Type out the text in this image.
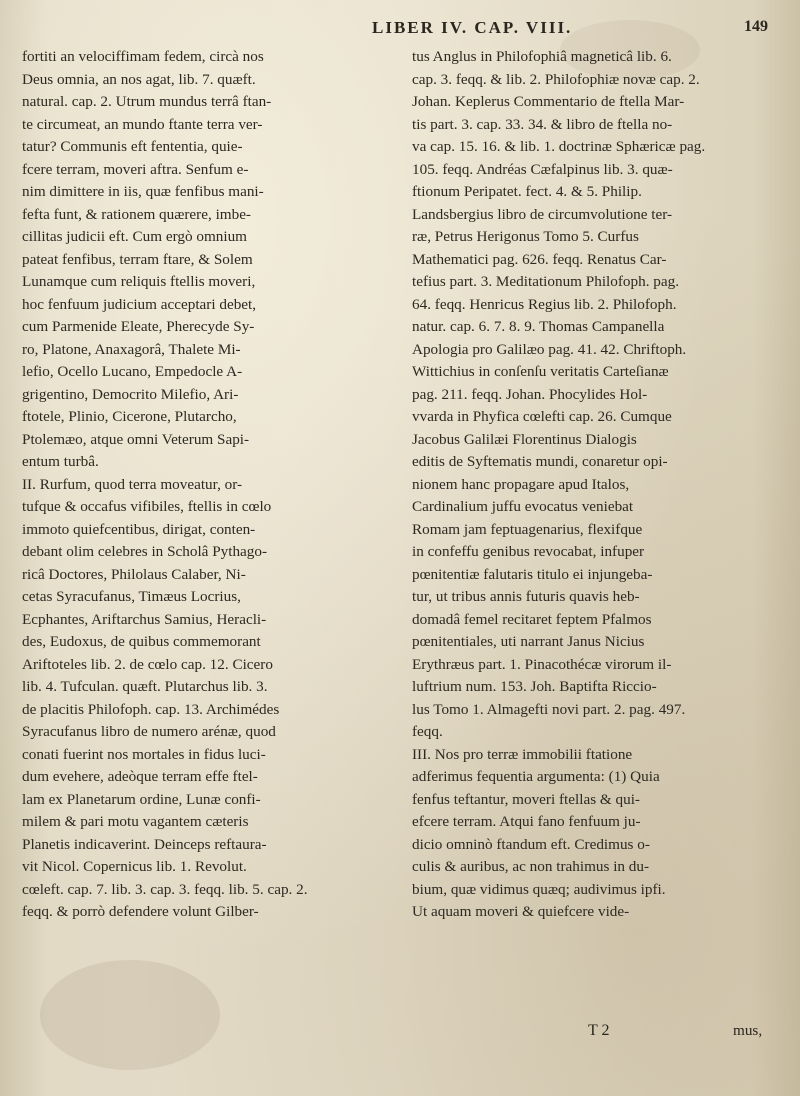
LIBER IV. CAP. VIII.	149
fortiti an velociffimam fedem, circà nos
Deus omnia, an nos agat, lib. 7. quæft.
natural. cap. 2. Utrum mundus terrâ ftan-
te circumeat, an mundo ftante terra ver-
tatur? Communis eft fententia, quie-
fcere terram, moveri aftra. Senfum e-
nim dimittere in iis, quæ fenfibus mani-
fefta funt, & rationem quærere, imbe-
cillitas judicii eft. Cum ergò omnium
pateat fenfibus, terram ftare, & Solem
Lunamque cum reliquis ftellis moveri,
hoc fenfuum judicium acceptari debet,
cum Parmenide Eleate, Pherecyde Sy-
ro, Platone, Anaxagorâ, Thalete Mi-
lefio, Ocello Lucano, Empedocle A-
grigentino, Democrito Milefio, Ari-
ftotele, Plinio, Cicerone, Plutarcho,
Ptolemæo, atque omni Veterum Sapi-
entum turbâ.
II. Rurfum, quod terra moveatur, or-
tufque & occafus vifibiles, ftellis in cœlo
immoto quiefcentibus, dirigat, conten-
debant olim celebres in Scholâ Pythago-
ricâ Doctores, Philolaus Calaber, Ni-
cetas Syracufanus, Timæus Locrius,
Ecphantes, Ariftarchus Samius, Heracli-
des, Eudoxus, de quibus commemorant
Ariftoteles lib. 2. de cœlo cap. 12. Cicero
lib. 4. Tufculan. quæft. Plutarchus lib. 3.
de placitis Philofoph. cap. 13. Archimédes
Syracufanus libro de numero arénæ, quod
conati fuerint nos mortales in fidus luci-
dum evehere, adeòque terram effe ftel-
lam ex Planetarum ordine, Lunæ confi-
milem & pari motu vagantem cæteris
Planetis indicaverint. Deinceps reftaura-
vit Nicol. Copernicus lib. 1. Revolut.
cœleft. cap. 7. lib. 3. cap. 3. feqq. lib. 5. cap. 2.
feqq. & porrò defendere volunt Gilber-
tus Anglus in Philofophiâ magneticâ lib. 6.
cap. 3. feqq. & lib. 2. Philofophiæ novæ cap. 2.
Johan. Keplerus Commentario de ftella Mar-
tis part. 3. cap. 33. 34. & libro de ftella no-
va cap. 15. 16. & lib. 1. doctrinæ Sphæricæ pag.
105. feqq. Andréas Cæfalpinus lib. 3. quæ-
ftionum Peripatet. fect. 4. & 5. Philip.
Landsbergius libro de circumvolutione ter-
ræ, Petrus Herigonus Tomo 5. Curfus
Mathematici pag. 626. feqq. Renatus Car-
tefius part. 3. Meditationum Philofoph. pag.
64. feqq. Henricus Regius lib. 2. Philofoph.
natur. cap. 6. 7. 8. 9. Thomas Campanella
Apologia pro Galilæo pag. 41. 42. Chriftoph.
Wittichius in conſenſu veritatis Carteſianæ
pag. 211. feqq. Johan. Phocylides Hol-
vvarda in Phyfica cœlefti cap. 26. Cumque
Jacobus Galilæi Florentinus Dialogis
editis de Syftematis mundi, conaretur opi-
nionem hanc propagare apud Italos,
Cardinalium juffu evocatus veniebat
Romam jam feptuagenarius, flexifque
in confeffu genibus revocabat, infuper
pœnitentiæ falutaris titulo ei injungeba-
tur, ut tribus annis futuris quavis heb-
domadâ femel recitaret feptem Pfalmos
pœnitentiales, uti narrant Janus Nicius
Erythræus part. 1. Pinacothécæ virorum il-
luftrium num. 153. Joh. Baptifta Riccio-
lus Tomo 1. Almagefti novi part. 2. pag. 497.
feqq.
III. Nos pro terræ immobilii ftatione
adferimus fequentia argumenta: (1) Quia
fenfus teftantur, moveri ftellas & qui-
efcere terram. Atqui fano fenfuum ju-
dicio omninò ftandum eft. Credimus o-
culis & auribus, ac non trahimus in du-
bium, quæ vidimus quæq; audivimus ipfi.
Ut aquam moveri & quiefcere vide-
T 2	mus,
